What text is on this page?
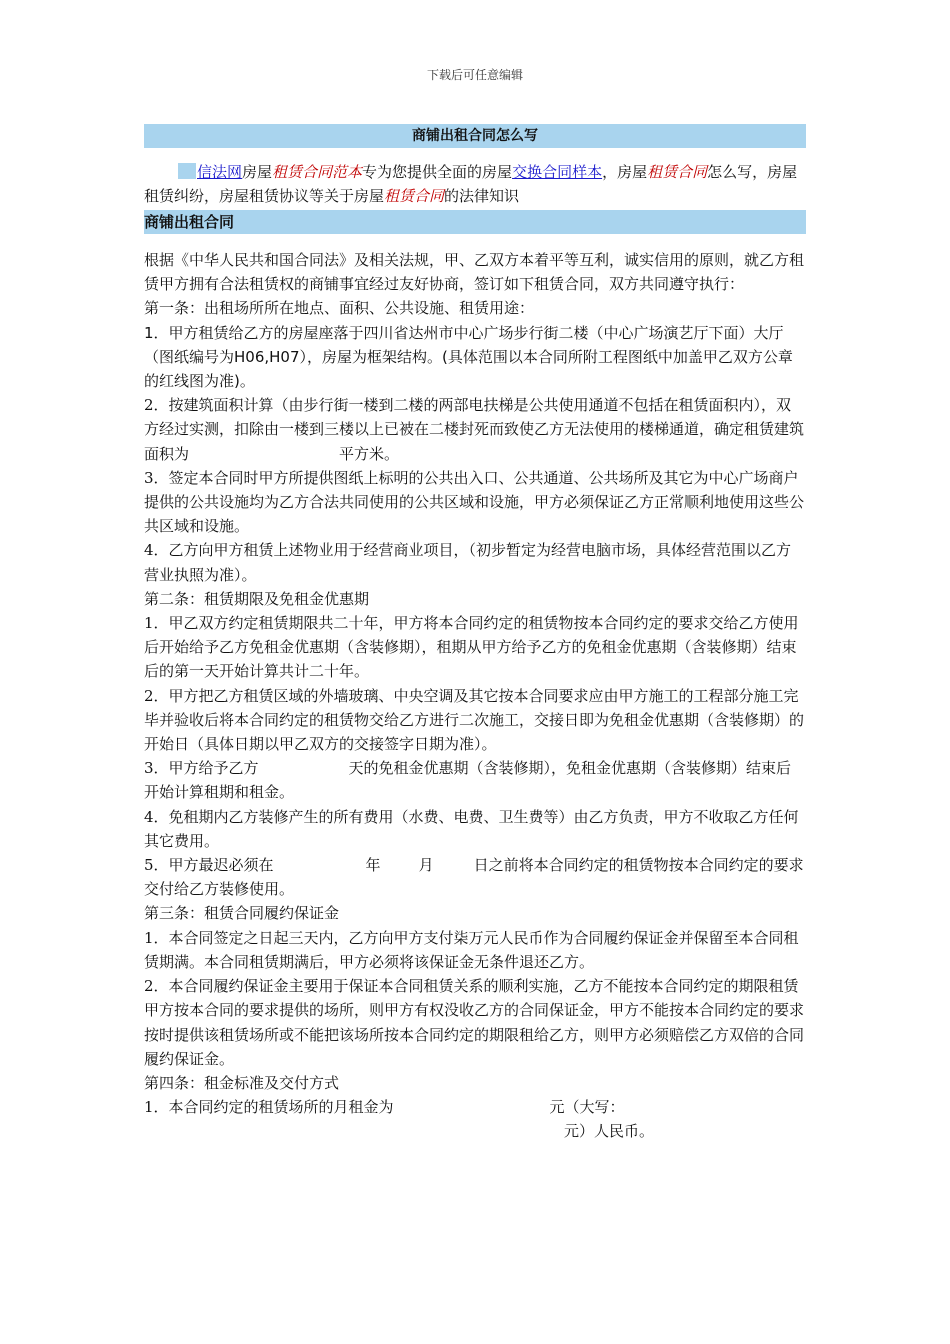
下载后可任意编辑
商铺出租合同怎么写
信法网房屋租赁合同范本专为您提供全面的房屋交换合同样本，房屋租赁合同怎么写，房屋租赁纠纷，房屋租赁协议等关于房屋租赁合同的法律知识
商铺出租合同

根据《中华人民共和国合同法》及相关法规，甲、乙双方本着平等互利，诚实信用的原则，就乙方租赁甲方拥有合法租赁权的商铺事宜经过友好协商，签订如下租赁合同，双方共同遵守执行：

第一条：出租场所所在地点、面积、公共设施、租赁用途：

1．甲方租赁给乙方的房屋座落于四川省达州市中心广场步行街二楼（中心广场演艺厅下面）大厅（图纸编号为H06,H07），房屋为框架结构。(具体范围以本合同所附工程图纸中加盖甲乙双方公章的红线图为准)。

2．按建筑面积计算（由步行街一楼到二楼的两部电扶梯是公共使用通道不包括在租赁面积内），双方经过实测，扣除由一楼到三楼以上已被在二楼封死而致使乙方无法使用的楼梯通道，确定租赁建筑面积为	平方米。

3．签定本合同时甲方所提供图纸上标明的公共出入口、公共通道、公共场所及其它为中心广场商户提供的公共设施均为乙方合法共同使用的公共区域和设施，甲方必须保证乙方正常顺利地使用这些公共区域和设施。

4．乙方向甲方租赁上述物业用于经营商业项目，（初步暂定为经营电脑市场，具体经营范围以乙方营业执照为准）。

第二条：租赁期限及免租金优惠期

1．甲乙双方约定租赁期限共二十年，甲方将本合同约定的租赁物按本合同约定的要求交给乙方使用后开始给予乙方免租金优惠期（含装修期），租期从甲方给予乙方的免租金优惠期（含装修期）结束后的第一天开始计算共计二十年。

2．甲方把乙方租赁区域的外墙玻璃、中央空调及其它按本合同要求应由甲方施工的工程部分施工完毕并验收后将本合同约定的租赁物交给乙方进行二次施工，交接日即为免租金优惠期（含装修期）的开始日（具体日期以甲乙双方的交接签字日期为准）。

3．甲方给予乙方	天的免租金优惠期（含装修期），免租金优惠期（含装修期）结束后开始计算租期和租金。

4．免租期内乙方装修产生的所有费用（水费、电费、卫生费等）由乙方负责，甲方不收取乙方任何其它费用。

5．甲方最迟必须在	年	月	日之前将本合同约定的租赁物按本合同约定的要求交付给乙方装修使用。

第三条：租赁合同履约保证金

1．本合同签定之日起三天内，乙方向甲方支付柒万元人民币作为合同履约保证金并保留至本合同租赁期满。本合同租赁期满后，甲方必须将该保证金无条件退还乙方。

2．本合同履约保证金主要用于保证本合同租赁关系的顺利实施，乙方不能按本合同约定的期限租赁甲方按本合同的要求提供的场所，则甲方有权没收乙方的合同保证金，甲方不能按本合同约定的要求按时提供该租赁场所或不能把该场所按本合同约定的期限租给乙方，则甲方必须赔偿乙方双倍的合同履约保证金。

第四条：租金标准及交付方式

1．本合同约定的租赁场所的月租金为	元（大写：
元）人民币。
